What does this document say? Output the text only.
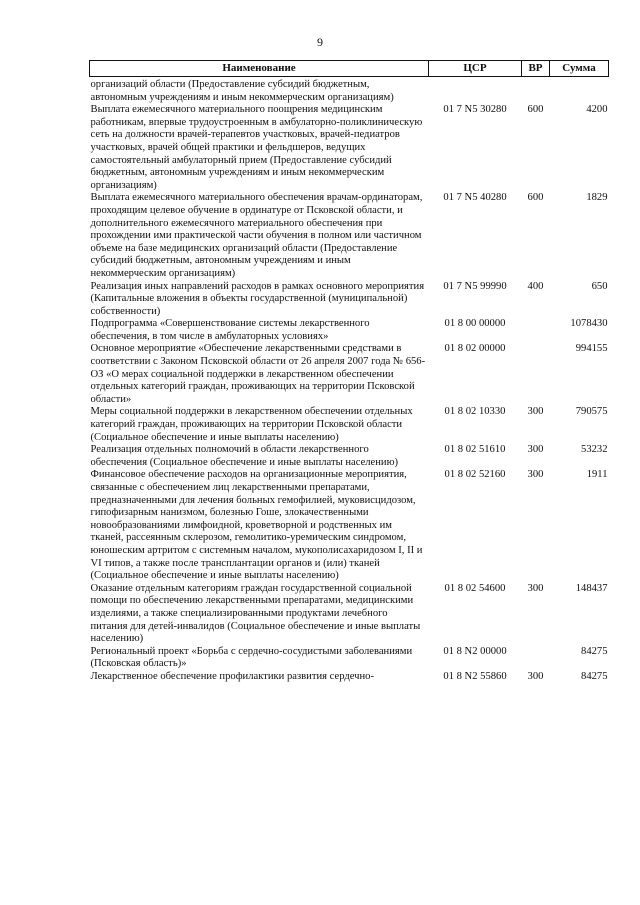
9
Наименование	ЦСР	ВР	Сумма
организаций области (Предоставление субсидий бюджетным, автономным учреждениям и иным некоммерческим организациям)			
Выплата ежемесячного материального поощрения медицинским работникам, впервые трудоустроенным в амбулаторно-поликлиническую сеть на должности врачей-терапевтов участковых, врачей-педиатров участковых, врачей общей практики и фельдшеров, ведущих самостоятельный амбулаторный прием (Предоставление субсидий бюджетным, автономным учреждениям и иным некоммерческим организациям)	01 7 N5 30280	600	4200
Выплата ежемесячного материального обеспечения врачам-ординаторам, проходящим целевое обучение в ординатуре от Псковской области, и дополнительного ежемесячного материального обеспечения при прохождении ими практической части обучения в полном или частичном объеме на базе медицинских организаций области (Предоставление субсидий бюджетным, автономным учреждениям и иным некоммерческим организациям)	01 7 N5 40280	600	1829
Реализация иных направлений расходов в рамках основного мероприятия (Капитальные вложения в объекты государственной (муниципальной) собственности)	01 7 N5 99990	400	650
Подпрограмма «Совершенствование системы лекарственного обеспечения, в том числе в амбулаторных условиях»	01 8 00 00000		1078430
Основное мероприятие «Обеспечение лекарственными средствами в соответствии с Законом Псковской области от 26 апреля 2007 года № 656-ОЗ «О мерах социальной поддержки в лекарственном обеспечении отдельных категорий граждан, проживающих на территории Псковской области»	01 8 02 00000		994155
Меры социальной поддержки в лекарственном обеспечении отдельных категорий граждан, проживающих на территории Псковской области (Социальное обеспечение и иные выплаты населению)	01 8 02 10330	300	790575
Реализация отдельных полномочий в области лекарственного обеспечения (Социальное обеспечение и иные выплаты населению)	01 8 02 51610	300	53232
Финансовое обеспечение расходов на организационные мероприятия, связанные с обеспечением лиц лекарственными препаратами, предназначенными для лечения больных гемофилией, муковисцидозом, гипофизарным нанизмом, болезнью Гоше, злокачественными новообразованиями лимфоидной, кроветворной и родственных им тканей, рассеянным склерозом, гемолитико-уремическим синдромом, юношеским артритом с системным началом, мукополисахаридозом I, II и VI типов, а также после трансплантации органов и (или) тканей (Социальное обеспечение и иные выплаты населению)	01 8 02 52160	300	1911
Оказание отдельным категориям граждан государственной социальной помощи по обеспечению лекарственными препаратами, медицинскими изделиями, а также специализированными продуктами лечебного питания для детей-инвалидов (Социальное обеспечение и иные выплаты населению)	01 8 02 54600	300	148437
Региональный проект «Борьба с сердечно-сосудистыми заболеваниями (Псковская область)»	01 8 N2 00000		84275
Лекарственное обеспечение профилактики развития сердечно-	01 8 N2 55860	300	84275
